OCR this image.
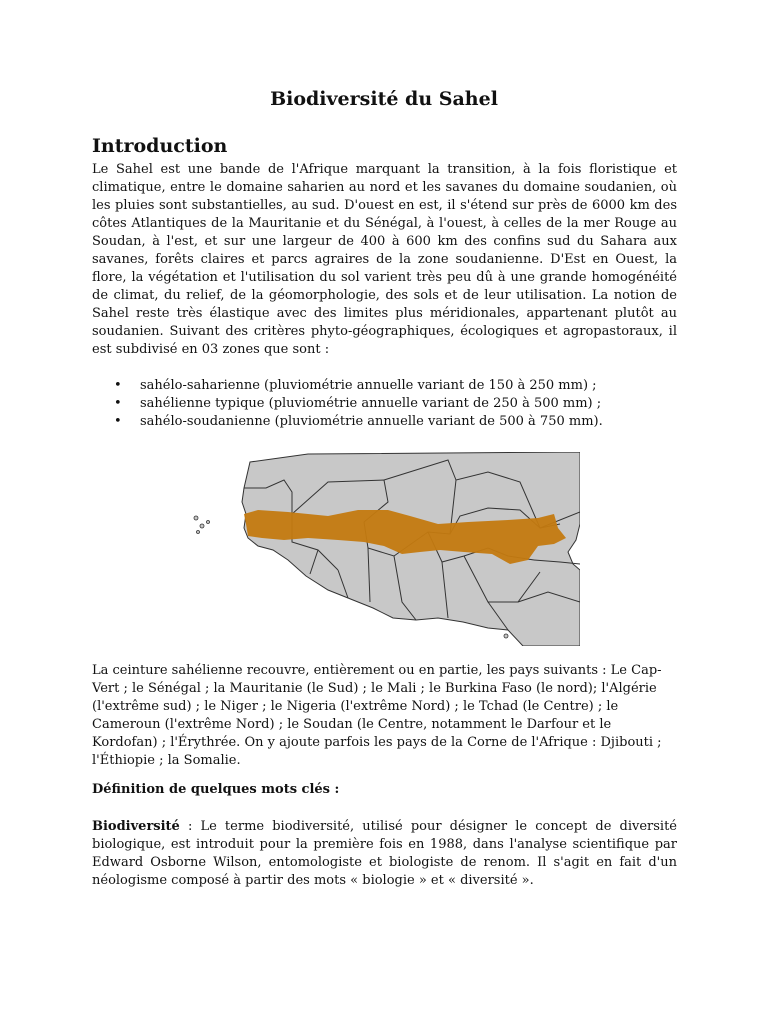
Biodiversité du Sahel
Introduction

Le Sahel est une bande de l'Afrique marquant la transition, à la fois floristique et climatique, entre le domaine saharien au nord et les savanes du domaine soudanien, où les pluies sont substantielles, au sud. D'ouest en est, il s'étend sur près de 6000 km des côtes Atlantiques de la Mauritanie et du Sénégal, à l'ouest, à celles de la mer Rouge au Soudan, à l'est, et sur une largeur de 400 à 600 km des confins sud du Sahara aux savanes, forêts claires et parcs agraires de la zone soudanienne. D'Est en Ouest, la flore, la végétation et l'utilisation du sol varient très peu dû à une grande homogénéité de climat, du relief, de la géomorphologie, des sols et de leur utilisation. La notion de Sahel reste très élastique avec des limites plus méridionales, appartenant plutôt au soudanien. Suivant des critères phyto-géographiques, écologiques et agropastoraux, il est subdivisé en 03 zones que sont :

• sahélo-saharienne (pluviométrie annuelle variant de 150 à 250 mm) ;
• sahélienne typique (pluviométrie annuelle variant de 250 à 500 mm) ;
• sahélo-soudanienne (pluviométrie annuelle variant de 500 à 750 mm).

La ceinture sahélienne recouvre, entièrement ou en partie, les pays suivants : Le Cap-Vert ; le Sénégal ; la Mauritanie (le Sud) ; le Mali ; le Burkina Faso (le nord); l'Algérie (l'extrême sud) ; le Niger ; le Nigeria (l'extrême Nord) ; le Tchad (le Centre) ; le Cameroun (l'extrême Nord) ; le Soudan (le Centre, notamment le Darfour et le Kordofan) ; l'Érythrée. On y ajoute parfois les pays de la Corne de l'Afrique : Djibouti ; l'Éthiopie ; la Somalie.

Définition de quelques mots clés :

Biodiversité : Le terme biodiversité, utilisé pour désigner le concept de diversité biologique, est introduit pour la première fois en 1988, dans l'analyse scientifique par Edward Osborne Wilson, entomologiste et biologiste de renom. Il s'agit en fait d'un néologisme composé à partir des mots « biologie » et « diversité ».
